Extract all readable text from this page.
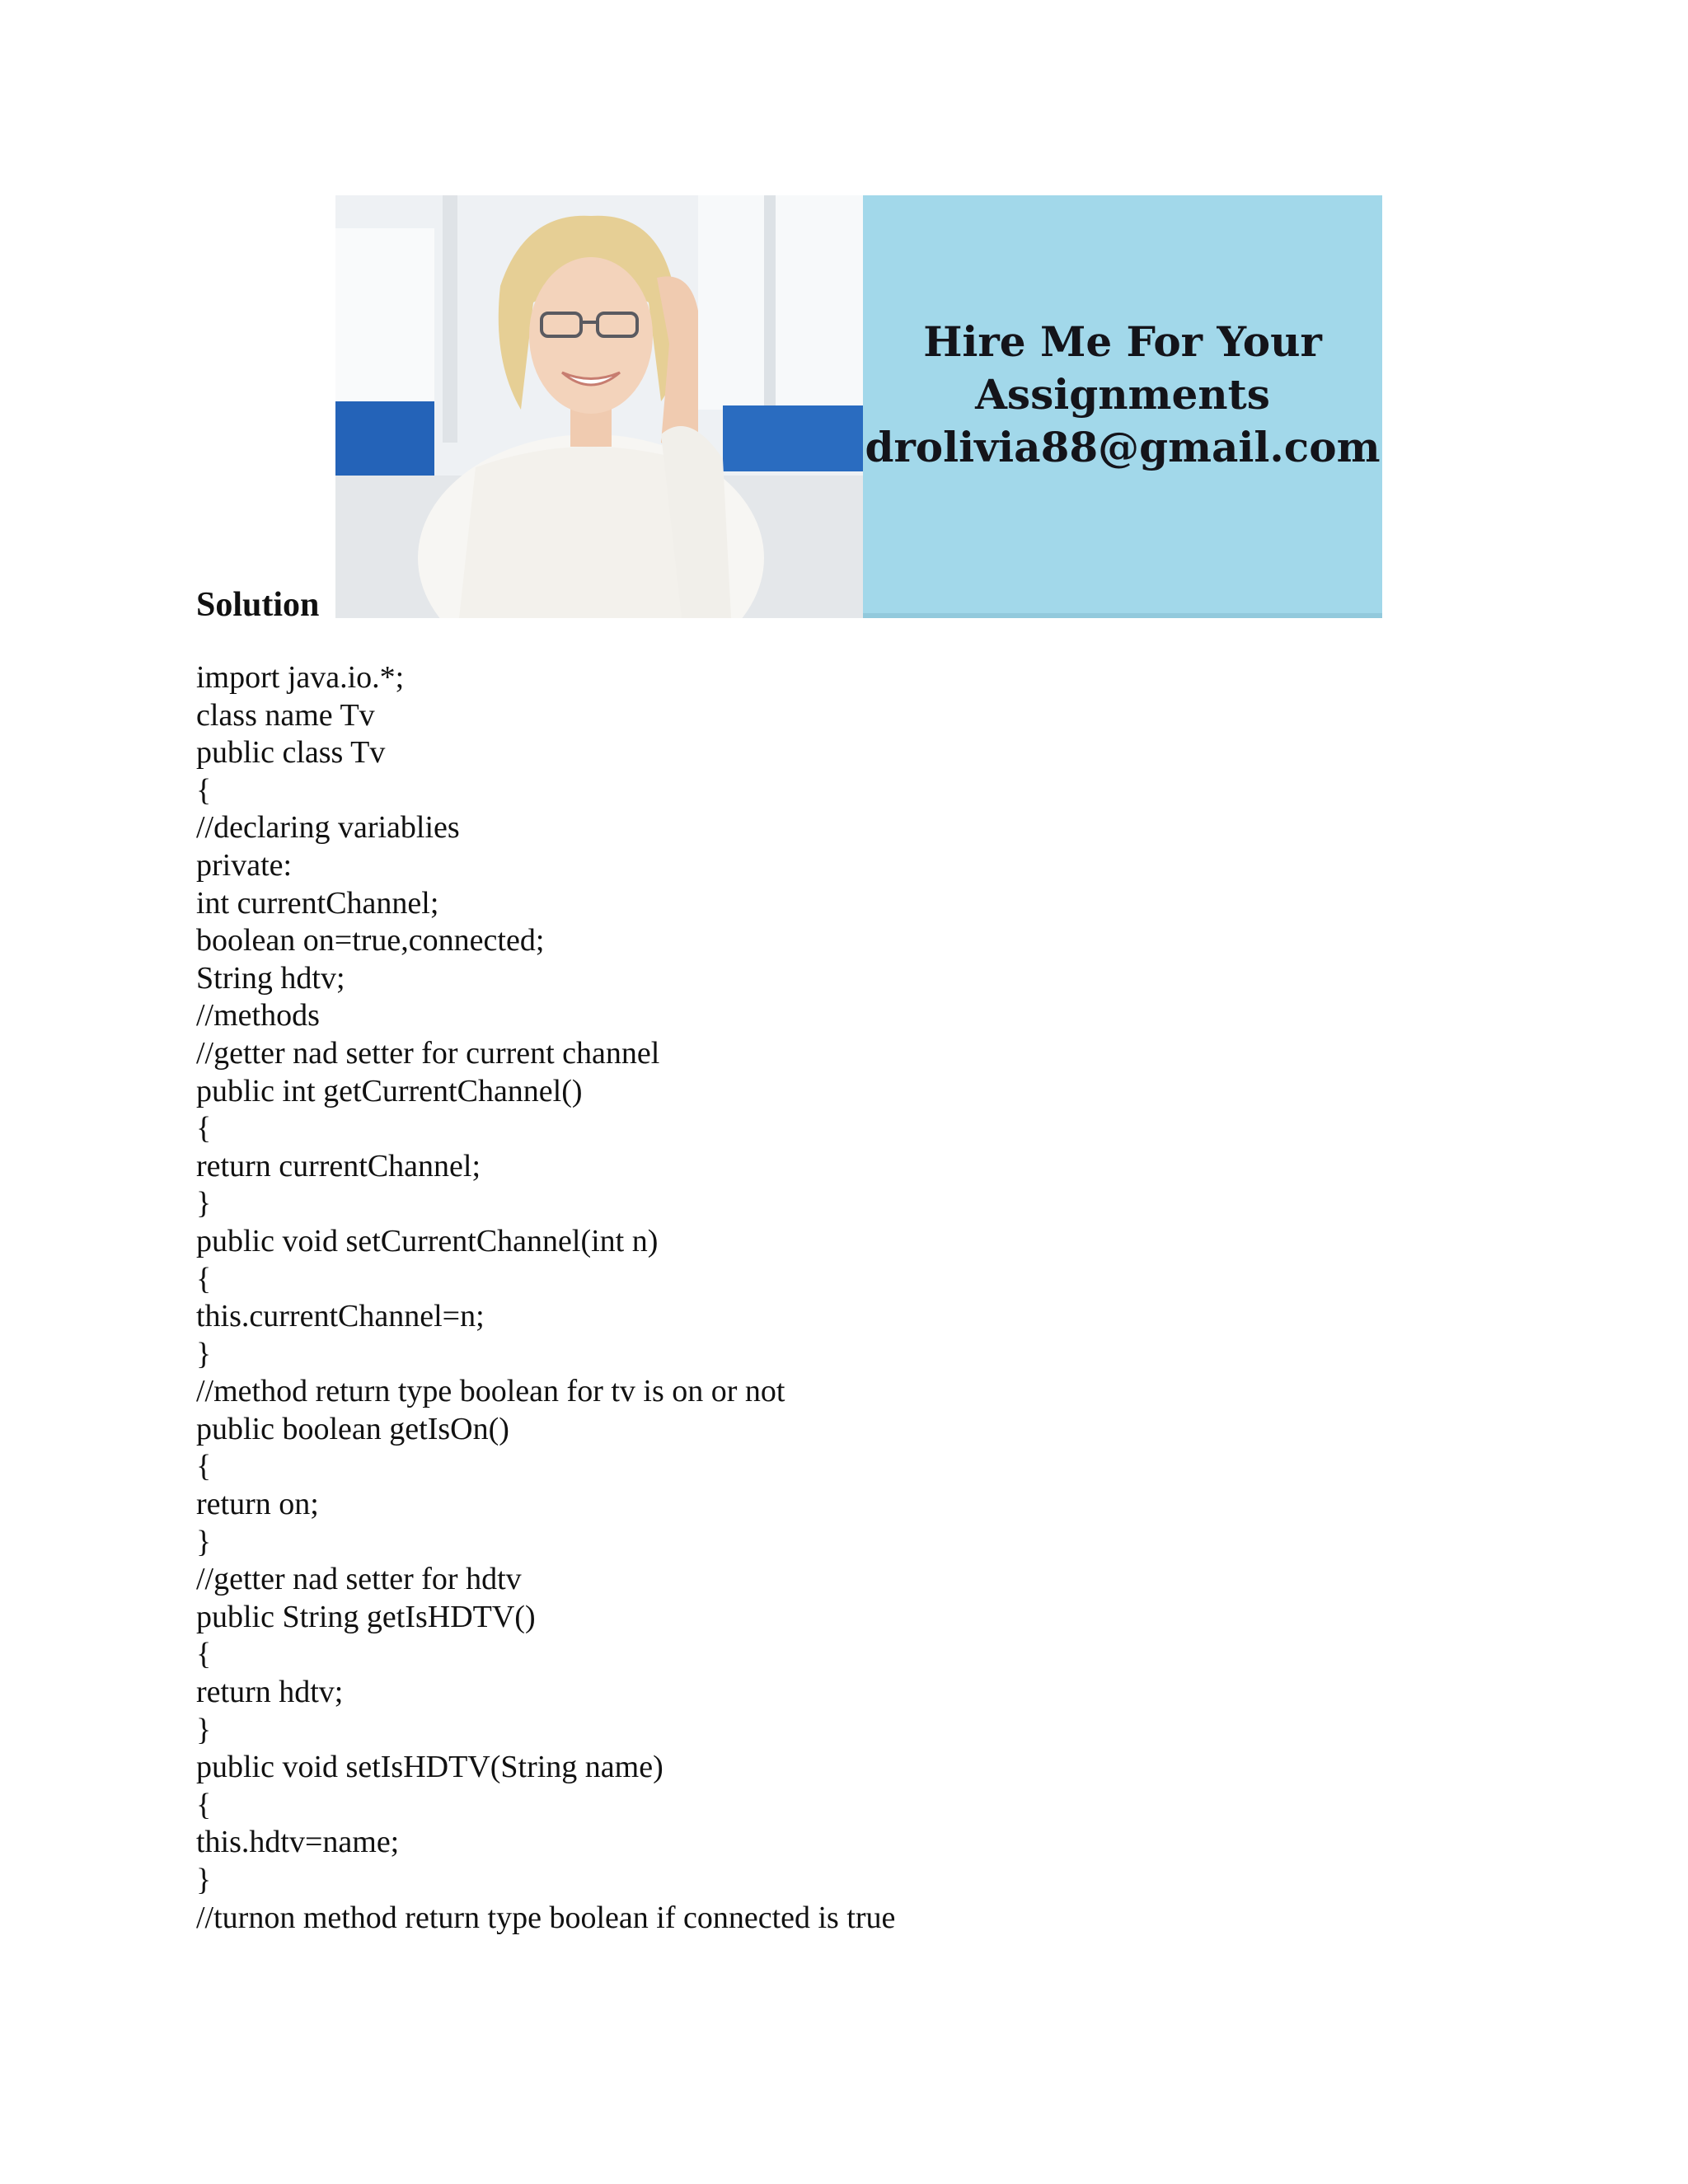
Solution
Hire Me For Your
Assignments
drolivia88@gmail.com
import java.io.*;
class name Tv
public class Tv
{
//declaring variablies
private:
int currentChannel;
boolean on=true,connected;
String hdtv;
//methods
//getter nad setter for current channel
public int getCurrentChannel()
{
return currentChannel;
}
public void setCurrentChannel(int n)
{
this.currentChannel=n;
}
//method return type boolean for tv is on or not
public boolean getIsOn()
{
return on;
}
//getter nad setter for hdtv
public String getIsHDTV()
{
return hdtv;
}
public void setIsHDTV(String name)
{
this.hdtv=name;
}
//turnon method return type boolean if connected is true
